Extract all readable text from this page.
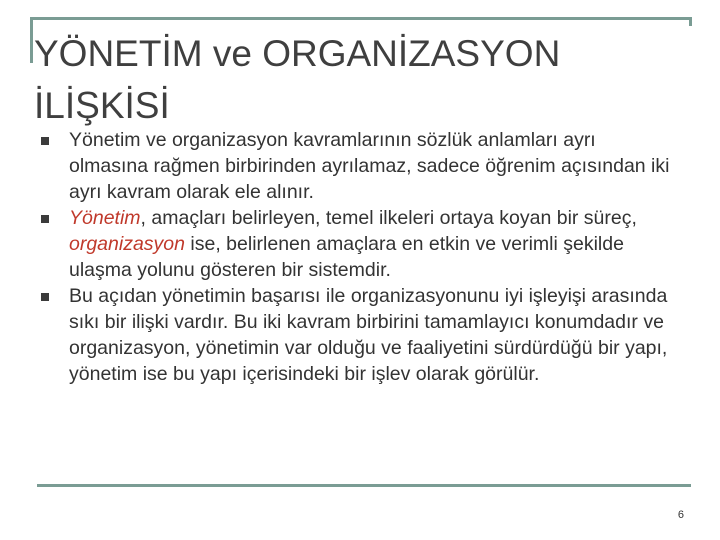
YÖNETİM ve ORGANİZASYON İLİŞKİSİ
Yönetim ve organizasyon kavramlarının sözlük anlamları ayrı olmasına rağmen birbirinden ayrılamaz, sadece öğrenim açısından iki ayrı kavram olarak ele alınır.
Yönetim, amaçları belirleyen, temel ilkeleri ortaya koyan bir süreç, organizasyon ise, belirlenen amaçlara en etkin ve verimli şekilde ulaşma yolunu gösteren bir sistemdir.
Bu açıdan yönetimin başarısı ile organizasyonunu iyi işleyişi arasında sıkı bir ilişki vardır. Bu iki kavram birbirini tamamlayıcı konumdadır ve organizasyon, yönetimin var olduğu ve faaliyetini sürdürdüğü bir yapı, yönetim ise bu yapı içerisindeki bir işlev olarak görülür.
6
